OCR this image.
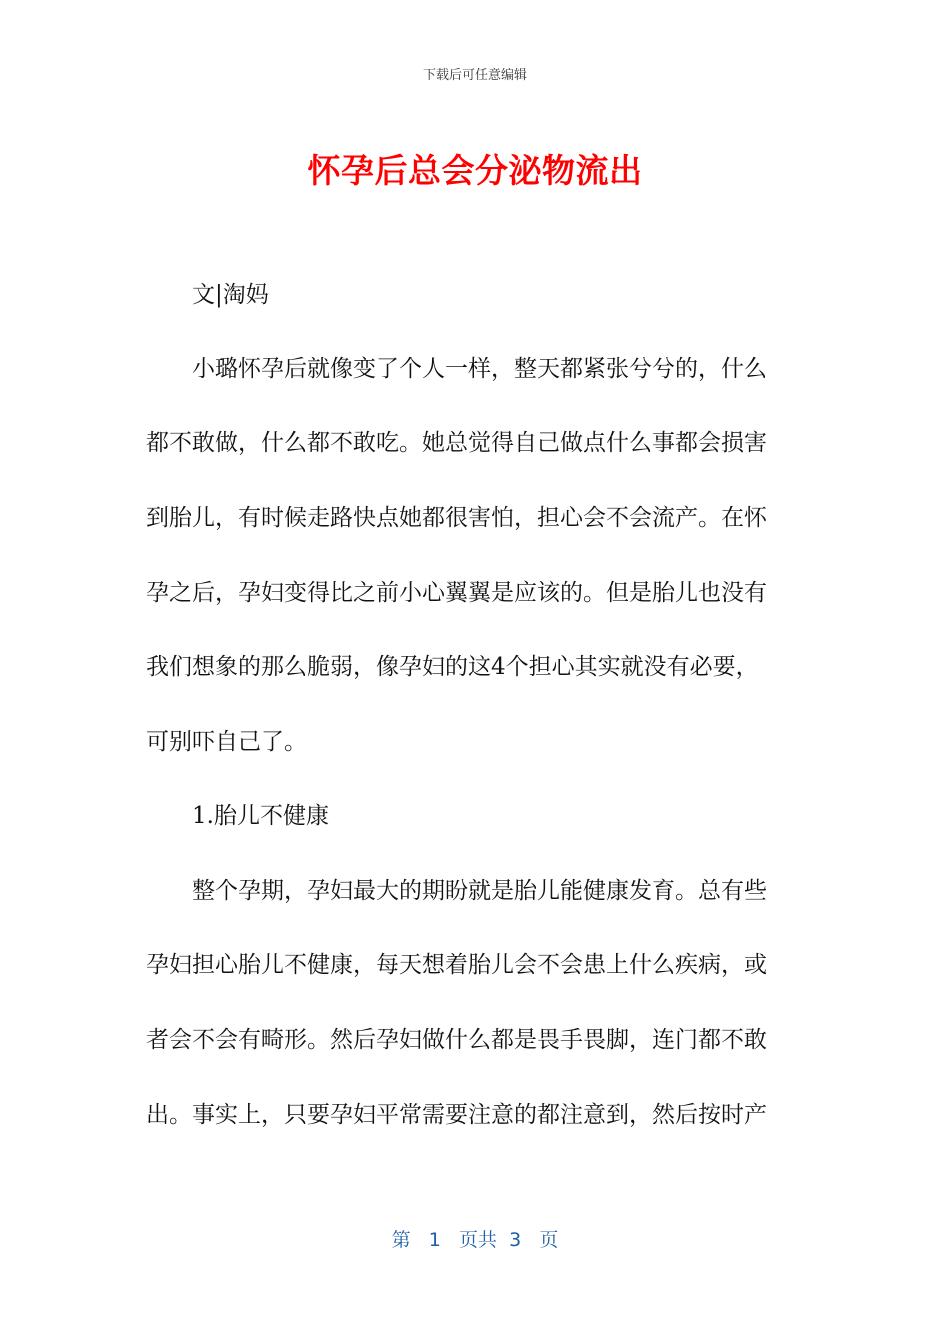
下载后可任意编辑
怀孕后总会分泌物流出
文|淘妈
小璐怀孕后就像变了个人一样，整天都紧张兮兮的，什么
都不敢做，什么都不敢吃。她总觉得自己做点什么事都会损害
到胎儿，有时候走路快点她都很害怕，担心会不会流产。在怀
孕之后，孕妇变得比之前小心翼翼是应该的。但是胎儿也没有
我们想象的那么脆弱，像孕妇的这4个担心其实就没有必要，
可别吓自己了。
1.胎儿不健康
整个孕期，孕妇最大的期盼就是胎儿能健康发育。总有些
孕妇担心胎儿不健康，每天想着胎儿会不会患上什么疾病，或
者会不会有畸形。然后孕妇做什么都是畏手畏脚，连门都不敢
出。事实上，只要孕妇平常需要注意的都注意到，然后按时产
第 1 页共 3 页
